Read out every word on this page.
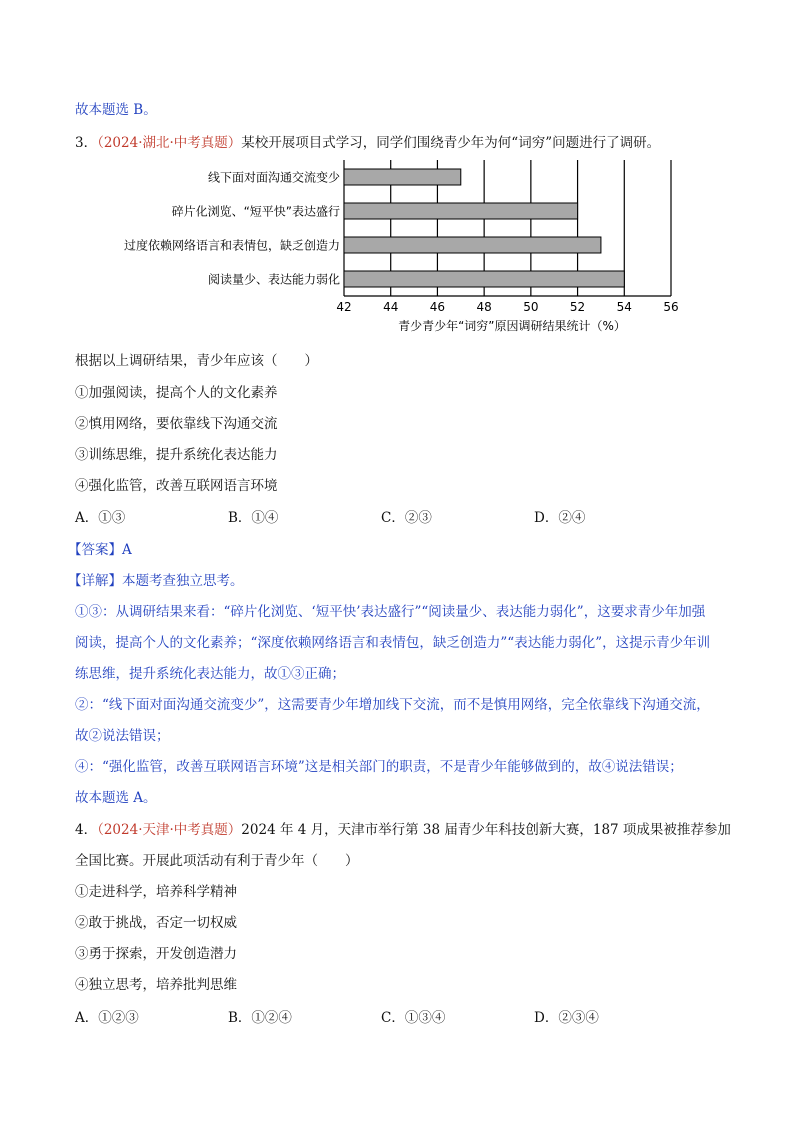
故本题选 B。
3．（2024·湖北·中考真题）某校开展项目式学习，同学们围绕青少年为何“词穷”问题进行了调研。
线下面对面沟通交流变少
碎片化浏览、“短平快”表达盛行
过度依赖网络语言和表情包，缺乏创造力
阅读量少、表达能力弱化
42	44	46	48	50	52	54	56
青少青少年“词穷”原因调研结果统计（%）
根据以上调研结果，青少年应该（　　）
①加强阅读，提高个人的文化素养
②慎用网络，要依靠线下沟通交流
③训练思维，提升系统化表达能力
④强化监管，改善互联网语言环境
A．①③	B．①④	C．②③	D．②④
【答案】A
【详解】本题考查独立思考。
①③：从调研结果来看：“碎片化浏览、‘短平快’表达盛行”“阅读量少、表达能力弱化”，这要求青少年加强
阅读，提高个人的文化素养；“深度依赖网络语言和表情包，缺乏创造力”“表达能力弱化”，这提示青少年训
练思维，提升系统化表达能力，故①③正确；
②：“线下面对面沟通交流变少”，这需要青少年增加线下交流，而不是慎用网络，完全依靠线下沟通交流，
故②说法错误；
④：“强化监管，改善互联网语言环境”这是相关部门的职责，不是青少年能够做到的，故④说法错误；
故本题选 A。
4．（2024·天津·中考真题）2024 年 4 月，天津市举行第 38 届青少年科技创新大赛，187 项成果被推荐参加
全国比赛。开展此项活动有利于青少年（　　）
①走进科学，培养科学精神
②敢于挑战，否定一切权威
③勇于探索，开发创造潜力
④独立思考，培养批判思维
A．①②③	B．①②④	C．①③④	D．②③④
